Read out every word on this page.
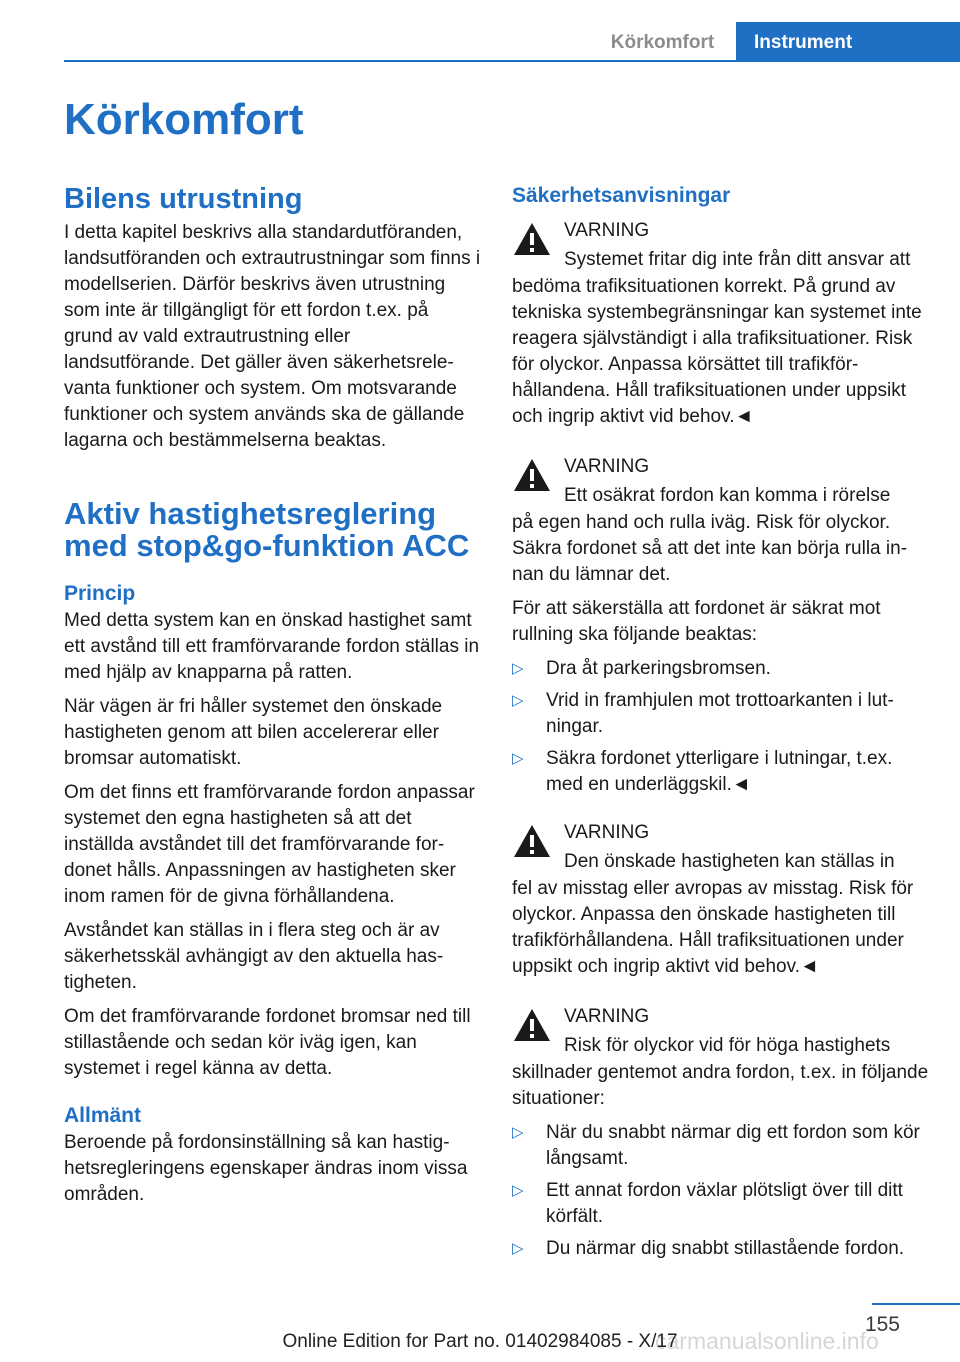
Körkomfort	Instrument
Körkomfort
Bilens utrustning

I detta kapitel beskrivs alla standardutföranden, landsutföranden och extrautrustningar som finns i modellserien. Därför beskrivs även utrustning som inte är tillgängligt för ett fordon t.ex. på grund av vald extrautrustning eller landsutförande. Det gäller även säkerhetsrelevanta funktioner och system. Om motsvarande funktioner och system används ska de gällande lagarna och bestämmelserna beaktas.

Aktiv hastighetsreglering med stop&go-funktion ACC
Princip

Med detta system kan en önskad hastighet samt ett avstånd till ett framförvarande fordon ställas in med hjälp av knapparna på ratten.

När vägen är fri håller systemet den önskade hastigheten genom att bilen accelererar eller bromsar automatiskt.

Om det finns ett framförvarande fordon anpassar systemet den egna hastigheten så att det inställda avståndet till det framförvarande fordonet hålls. Anpassningen av hastigheten sker inom ramen för de givna förhållandena.

Avståndet kan ställas in i flera steg och är av säkerhetsskäl avhängigt av den aktuella hastigheten.

Om det framförvarande fordonet bromsar ned till stillastående och sedan kör iväg igen, kan systemet i regel känna av detta.

Allmänt

Beroende på fordonsinställning så kan hastighetsregleringens egenskaper ändras inom vissa områden.

Säkerhetsanvisningar
VARNING
Systemet fritar dig inte från ditt ansvar att

bedöma trafiksituationen korrekt. På grund av tekniska systembegränsningar kan systemet inte reagera självständigt i alla trafiksituationer. Risk för olyckor. Anpassa körsättet till trafikförhållandena. Håll trafiksituationen under uppsikt och ingrip aktivt vid behov.◄

VARNING
Ett osäkrat fordon kan komma i rörelse

på egen hand och rulla iväg. Risk för olyckor. Säkra fordonet så att det inte kan börja rulla innan du lämnar det.

För att säkerställa att fordonet är säkrat mot rullning ska följande beaktas:

▷ Dra åt parkeringsbromsen.
▷ Vrid in framhjulen mot trottoarkanten i lutningar.
▷ Säkra fordonet ytterligare i lutningar, t.ex. med en underläggskil.◄
VARNING
Den önskade hastigheten kan ställas in

fel av misstag eller avropas av misstag. Risk för olyckor. Anpassa den önskade hastigheten till trafikförhållandena. Håll trafiksituationen under uppsikt och ingrip aktivt vid behov.◄

VARNING
Risk för olyckor vid för höga hastighets

skillnader gentemot andra fordon, t.ex. in följande situationer:

▷ När du snabbt närmar dig ett fordon som kör långsamt.
▷ Ett annat fordon växlar plötsligt över till ditt körfält.
▷ Du närmar dig snabbt stillastående fordon.
155
carmanualsonline.info
Online Edition for Part no. 01402984085 - X/17
